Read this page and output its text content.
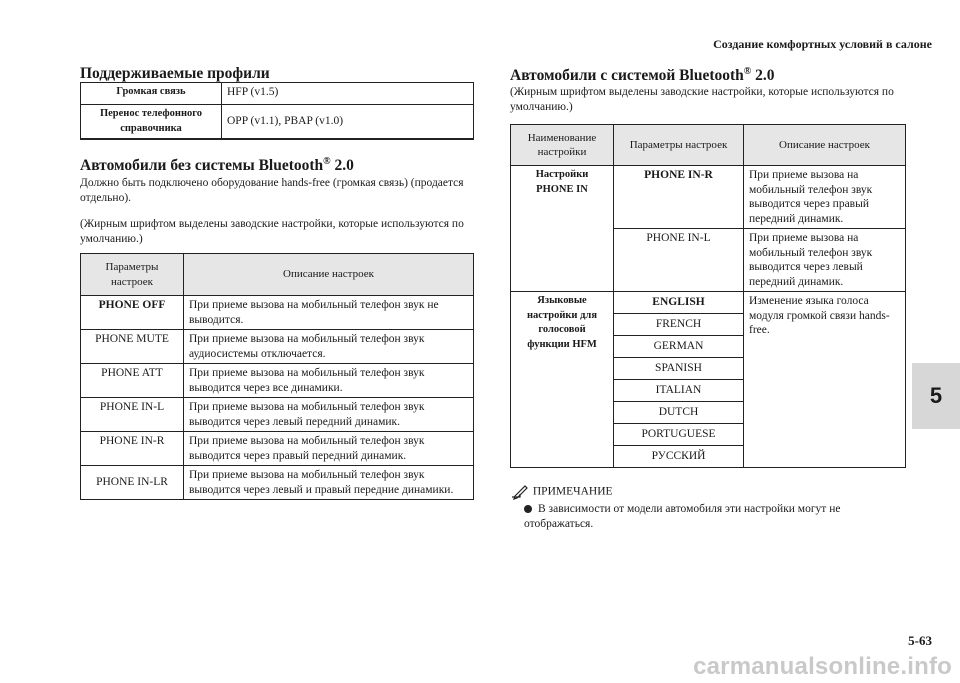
Создание комфортных условий в салоне
Поддерживаемые профили
Громкая связь	HFP (v1.5)
Перенос телефонного справочника	OPP (v1.1), PBAP (v1.0)
Автомобили без системы Bluetooth® 2.0

Должно быть подключено оборудование hands-free (громкая связь) (продается отдельно).

(Жирным шрифтом выделены заводские настройки, которые используются по умолчанию.)

Параметры настроек	Описание настроек
PHONE OFF	При приеме вызова на мобильный телефон звук не выводится.
PHONE MUTE	При приеме вызова на мобильный телефон звук аудиосистемы отключается.
PHONE ATT	При приеме вызова на мобильный телефон звук выводится через все динамики.
PHONE IN-L	При приеме вызова на мобильный телефон звук выводится через левый передний динамик.
PHONE IN-R	При приеме вызова на мобильный телефон звук выводится через правый передний динамик.
PHONE IN-LR	При приеме вызова на мобильный телефон звук выводится через левый и правый передние динамики.
Автомобили с системой Bluetooth® 2.0

(Жирным шрифтом выделены заводские настройки, которые используются по умолчанию.)

Наименование настройки	Параметры настроек	Описание настроек
Настройки PHONE IN	PHONE IN-R	При приеме вызова на мобильный телефон звук выводится через правый передний динамик.
	PHONE IN-L	При приеме вызова на мобильный телефон звук выводится через левый передний динамик.
Языковые настройки для голосовой функции HFM	ENGLISH	Изменение языка голоса модуля громкой связи hands-free.
	FRENCH	
	GERMAN	
	SPANISH	
	ITALIAN	
	DUTCH	
	PORTUGUESE	
	РУССКИЙ	
ПРИМЕЧАНИЕ
В зависимости от модели автомобиля эти настройки могут не отображаться.
5
5-63
carmanualsonline.info
